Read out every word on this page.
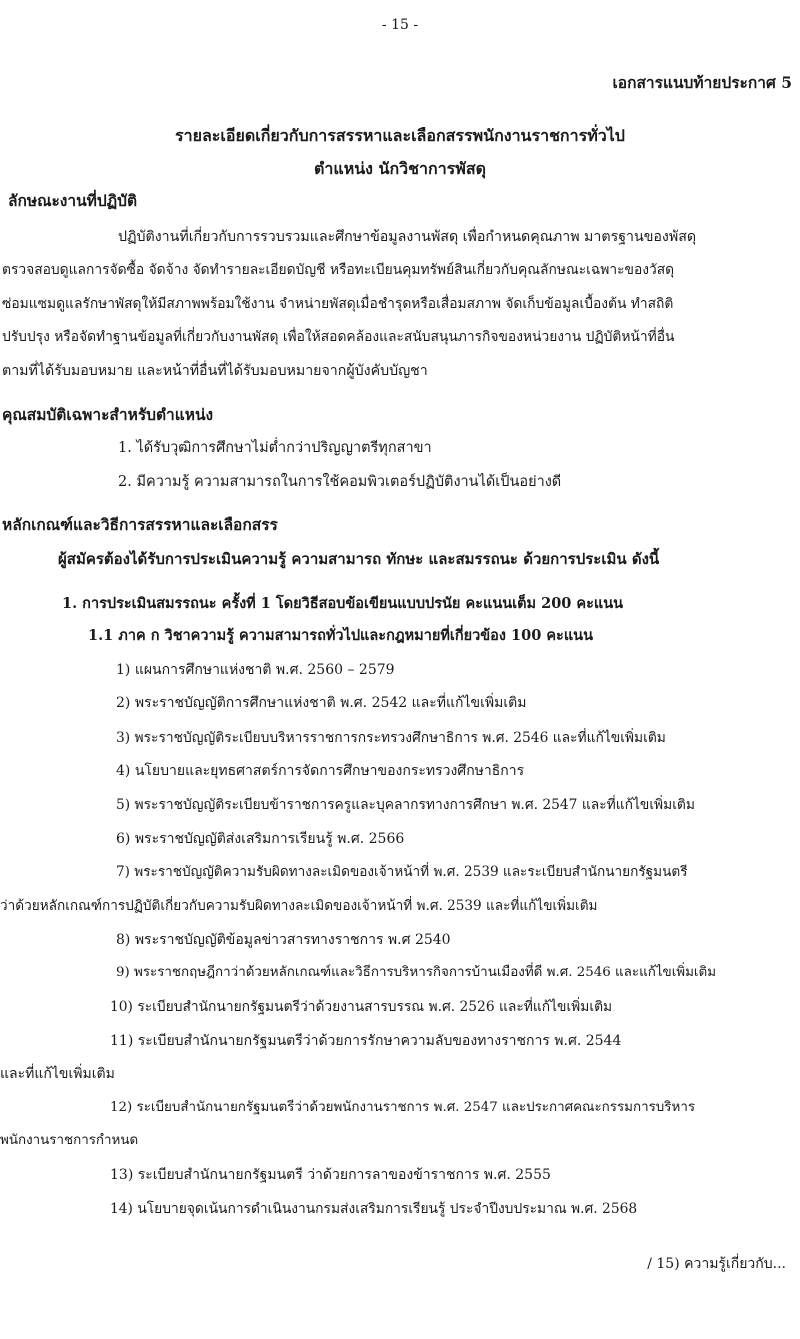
- 15 -
เอกสารแนบท้ายประกาศ 5
รายละเอียดเกี่ยวกับการสรรหาและเลือกสรรพนักงานราชการทั่วไป
ตำแหน่ง นักวิชาการพัสดุ
ลักษณะงานที่ปฏิบัติ
ปฏิบัติงานที่เกี่ยวกับการรวบรวมและศึกษาข้อมูลงานพัสดุ เพื่อกำหนดคุณภาพ มาตรฐานของพัสดุ
ตรวจสอบดูแลการจัดซื้อ จัดจ้าง จัดทำรายละเอียดบัญชี หรือทะเบียนคุมทรัพย์สินเกี่ยวกับคุณลักษณะเฉพาะของวัสดุ
ซ่อมแซมดูแลรักษาพัสดุให้มีสภาพพร้อมใช้งาน จำหน่ายพัสดุเมื่อชำรุดหรือเสื่อมสภาพ จัดเก็บข้อมูลเบื้องต้น ทำสถิติ
ปรับปรุง หรือจัดทำฐานข้อมูลที่เกี่ยวกับงานพัสดุ เพื่อให้สอดคล้องและสนับสนุนภารกิจของหน่วยงาน ปฏิบัติหน้าที่อื่น
ตามที่ได้รับมอบหมาย และหน้าที่อื่นที่ได้รับมอบหมายจากผู้บังคับบัญชา
คุณสมบัติเฉพาะสำหรับตำแหน่ง
1. ได้รับวุฒิการศึกษาไม่ต่ำกว่าปริญญาตรีทุกสาขา
2. มีความรู้ ความสามารถในการใช้คอมพิวเตอร์ปฏิบัติงานได้เป็นอย่างดี
หลักเกณฑ์และวิธีการสรรหาและเลือกสรร
ผู้สมัครต้องได้รับการประเมินความรู้ ความสามารถ ทักษะ และสมรรถนะ ด้วยการประเมิน ดังนี้
1. การประเมินสมรรถนะ ครั้งที่ 1 โดยวิธีสอบข้อเขียนแบบปรนัย คะแนนเต็ม 200 คะแนน
1.1 ภาค ก วิชาความรู้ ความสามารถทั่วไปและกฎหมายที่เกี่ยวข้อง 100 คะแนน
1) แผนการศึกษาแห่งชาติ พ.ศ. 2560 – 2579
2) พระราชบัญญัติการศึกษาแห่งชาติ พ.ศ. 2542 และที่แก้ไขเพิ่มเติม
3) พระราชบัญญัติระเบียบบริหารราชการกระทรวงศึกษาธิการ พ.ศ. 2546 และที่แก้ไขเพิ่มเติม
4) นโยบายและยุทธศาสตร์การจัดการศึกษาของกระทรวงศึกษาธิการ
5) พระราชบัญญัติระเบียบข้าราชการครูและบุคลากรทางการศึกษา พ.ศ. 2547 และที่แก้ไขเพิ่มเติม
6) พระราชบัญญัติส่งเสริมการเรียนรู้ พ.ศ. 2566
7) พระราชบัญญัติความรับผิดทางละเมิดของเจ้าหน้าที่ พ.ศ. 2539 และระเบียบสำนักนายกรัฐมนตรี
ว่าด้วยหลักเกณฑ์การปฏิบัติเกี่ยวกับความรับผิดทางละเมิดของเจ้าหน้าที่ พ.ศ. 2539 และที่แก้ไขเพิ่มเติม
8) พระราชบัญญัติข้อมูลข่าวสารทางราชการ พ.ศ 2540
9) พระราชกฤษฎีกาว่าด้วยหลักเกณฑ์และวิธีการบริหารกิจการบ้านเมืองที่ดี พ.ศ. 2546 และแก้ไขเพิ่มเติม
10) ระเบียบสำนักนายกรัฐมนตรีว่าด้วยงานสารบรรณ พ.ศ. 2526 และที่แก้ไขเพิ่มเติม
11) ระเบียบสำนักนายกรัฐมนตรีว่าด้วยการรักษาความลับของทางราชการ พ.ศ. 2544
และที่แก้ไขเพิ่มเติม
12) ระเบียบสำนักนายกรัฐมนตรีว่าด้วยพนักงานราชการ พ.ศ. 2547 และประกาศคณะกรรมการบริหาร
พนักงานราชการกำหนด
13) ระเบียบสำนักนายกรัฐมนตรี ว่าด้วยการลาของข้าราชการ พ.ศ. 2555
14) นโยบายจุดเน้นการดำเนินงานกรมส่งเสริมการเรียนรู้ ประจำปีงบประมาณ พ.ศ. 2568
/ 15) ความรู้เกี่ยวกับ...
